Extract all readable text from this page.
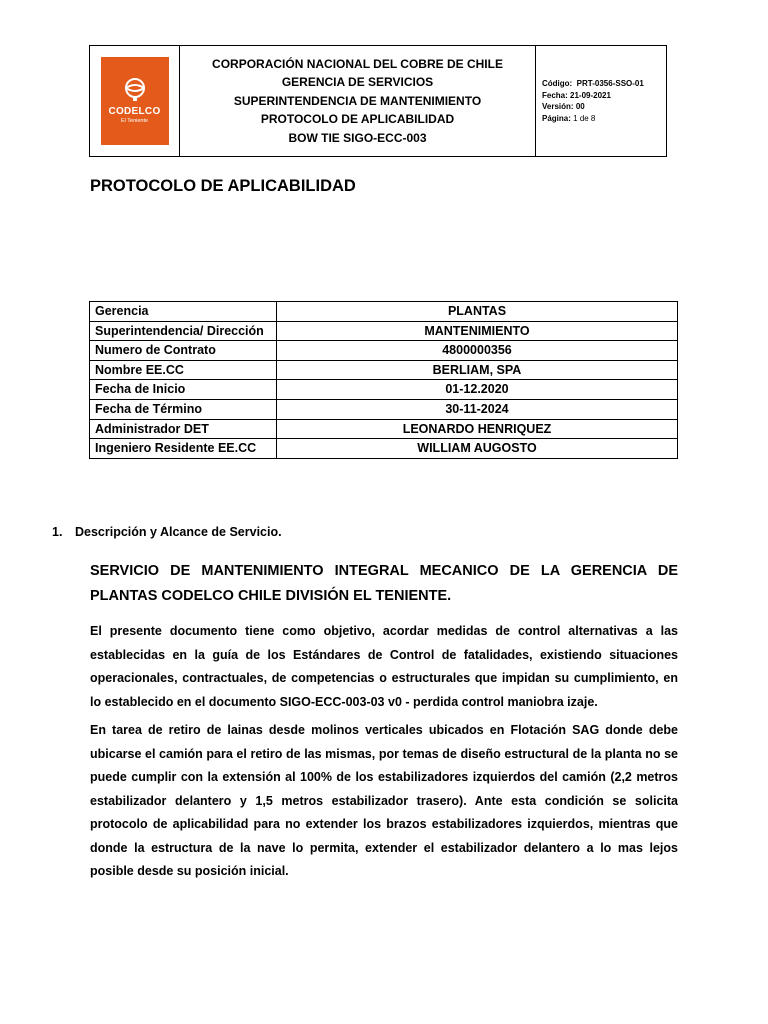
CODELCO
El Teniente
CORPORACIÓN NACIONAL DEL COBRE DE CHILE
GERENCIA DE SERVICIOS
SUPERINTENDENCIA DE MANTENIMIENTO
PROTOCOLO DE APLICABILIDAD
BOW TIE SIGO-ECC-003
Código: PRT-0356-SSO-01
Fecha: 21-09-2021
Versión: 00
Página: 1 de 8
PROTOCOLO DE APLICABILIDAD
Gerencia	PLANTAS
Superintendencia/ Dirección	MANTENIMIENTO
Numero de Contrato	4800000356
Nombre EE.CC	BERLIAM, SPA
Fecha de Inicio	01-12.2020
Fecha de Término	30-11-2024
Administrador DET	LEONARDO HENRIQUEZ
Ingeniero Residente EE.CC	WILLIAM AUGOSTO
1. Descripción y Alcance de Servicio.
SERVICIO DE MANTENIMIENTO INTEGRAL MECANICO DE LA GERENCIA DE PLANTAS CODELCO CHILE DIVISIÓN EL TENIENTE.
El presente documento tiene como objetivo, acordar medidas de control alternativas a las establecidas en la guía de los Estándares de Control de fatalidades, existiendo situaciones operacionales, contractuales, de competencias o estructurales que impidan su cumplimiento, en lo establecido en el documento SIGO-ECC-003-03 v0 - perdida control maniobra izaje.
En tarea de retiro de lainas desde molinos verticales ubicados en Flotación SAG donde debe ubicarse el camión para el retiro de las mismas, por temas de diseño estructural de la planta no se puede cumplir con la extensión al 100% de los estabilizadores izquierdos del camión (2,2 metros estabilizador delantero y 1,5 metros estabilizador trasero). Ante esta condición se solicita protocolo de aplicabilidad para no extender los brazos estabilizadores izquierdos, mientras que donde la estructura de la nave lo permita, extender el estabilizador delantero a lo mas lejos posible desde su posición inicial.
